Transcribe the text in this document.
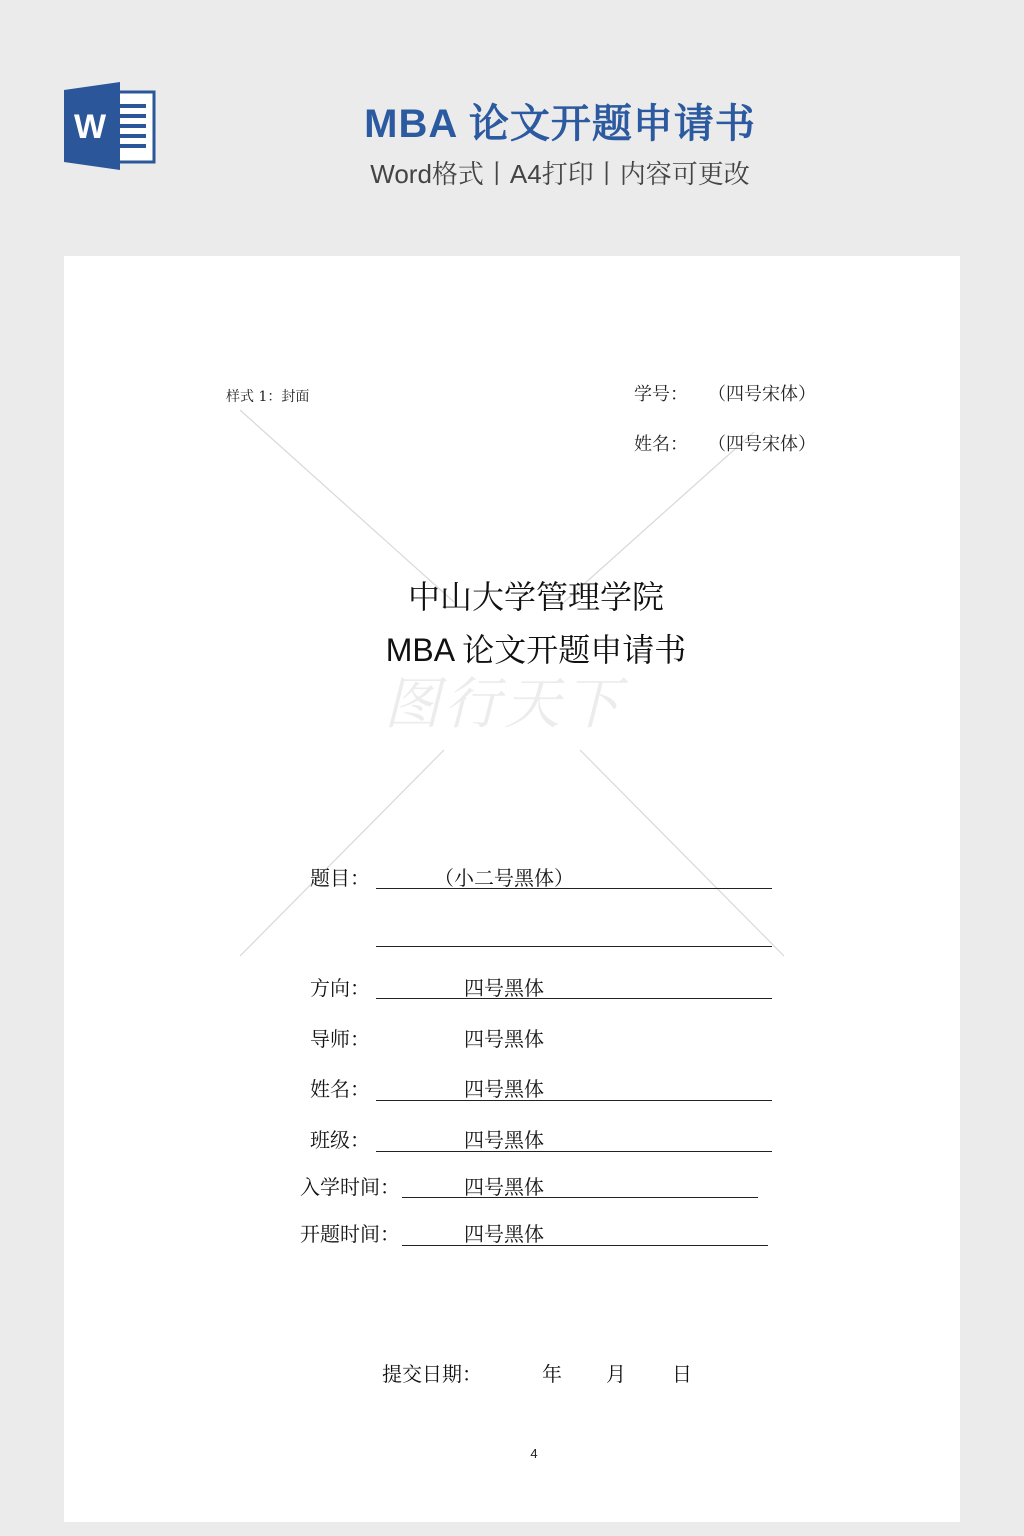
W	MBA 论文开题申请书
Word格式丨A4打印丨内容可更改
图行天下
样式 1：封面	学号： （四号宋体）
姓名： （四号宋体）
中山大学管理学院
MBA 论文开题申请书
题目：	（小二号黑体）
方向：	四号黑体
导师：	四号黑体
姓名：	四号黑体
班级：	四号黑体
入学时间：	四号黑体
开题时间：	四号黑体
提交日期：	年 月 日
4
